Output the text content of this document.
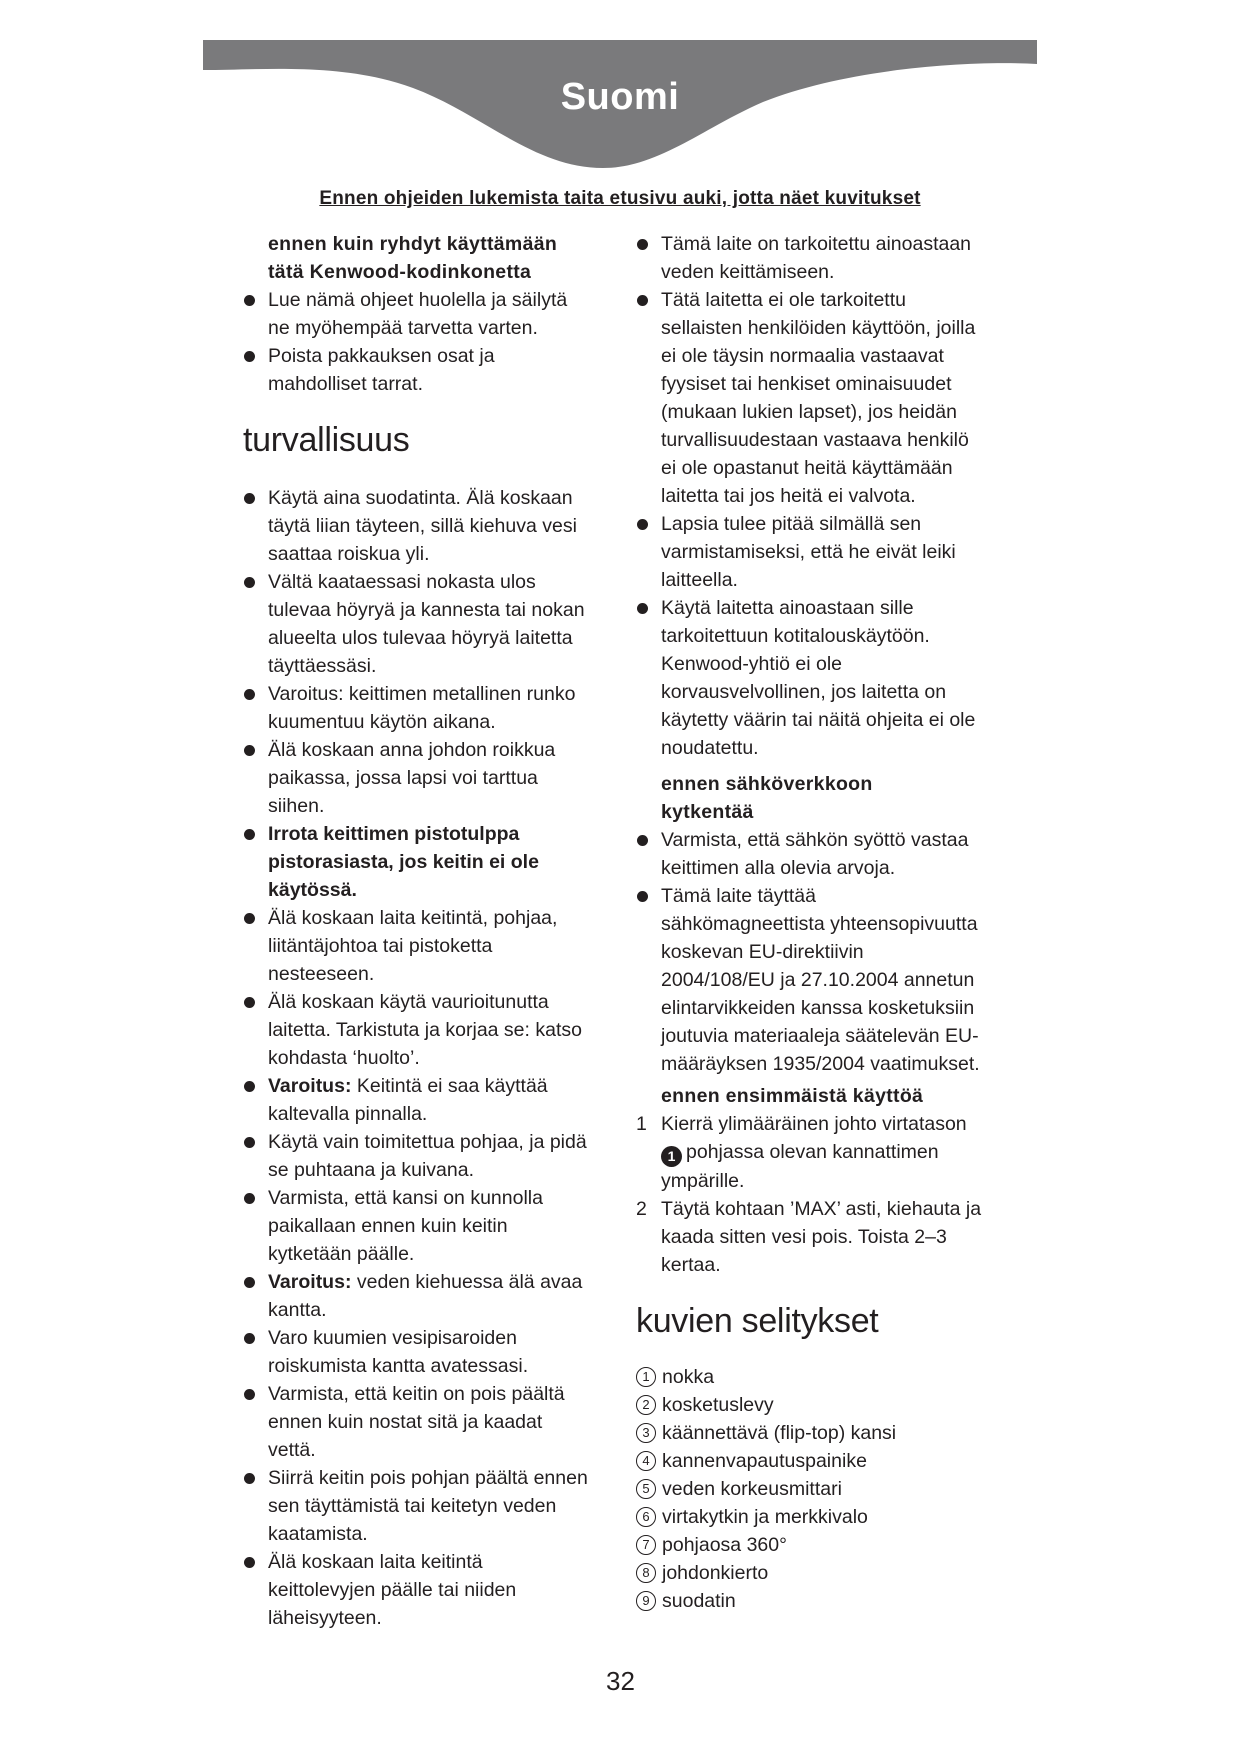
Suomi
Ennen ohjeiden lukemista taita etusivu auki, jotta näet kuvitukset
ennen kuin ryhdyt käyttämään
tätä Kenwood-kodinkonetta
Lue nämä ohjeet huolella ja säilytä
ne myöhempää tarvetta varten.
Poista pakkauksen osat ja
mahdolliset tarrat.
turvallisuus
Käytä aina suodatinta. Älä koskaan
täytä liian täyteen, sillä kiehuva vesi
saattaa roiskua yli.
Vältä kaataessasi nokasta ulos
tulevaa höyryä ja kannesta tai nokan
alueelta ulos tulevaa höyryä laitetta
täyttäessäsi.
Varoitus: keittimen metallinen runko
kuumentuu käytön aikana.
Älä koskaan anna johdon roikkua
paikassa, jossa lapsi voi tarttua
siihen.
Irrota keittimen pistotulppa
pistorasiasta, jos keitin ei ole
käytössä.
Älä koskaan laita keitintä, pohjaa,
liitäntäjohtoa tai pistoketta
nesteeseen.
Älä koskaan käytä vaurioitunutta
laitetta. Tarkistuta ja korjaa se: katso
kohdasta ‘huolto’.
Varoitus: Keitintä ei saa käyttää
kaltevalla pinnalla.
Käytä vain toimitettua pohjaa, ja pidä
se puhtaana ja kuivana.
Varmista, että kansi on kunnolla
paikallaan ennen kuin keitin
kytketään päälle.
Varoitus: veden kiehuessa älä avaa
kantta.
Varo kuumien vesipisaroiden
roiskumista kantta avatessasi.
Varmista, että keitin on pois päältä
ennen kuin nostat sitä ja kaadat
vettä.
Siirrä keitin pois pohjan päältä ennen
sen täyttämistä tai keitetyn veden
kaatamista.
Älä koskaan laita keitintä
keittolevyjen päälle tai niiden
läheisyyteen.
Tämä laite on tarkoitettu ainoastaan
veden keittämiseen.
Tätä laitetta ei ole tarkoitettu
sellaisten henkilöiden käyttöön, joilla
ei ole täysin normaalia vastaavat
fyysiset tai henkiset ominaisuudet
(mukaan lukien lapset), jos heidän
turvallisuudestaan vastaava henkilö
ei ole opastanut heitä käyttämään
laitetta tai jos heitä ei valvota.
Lapsia tulee pitää silmällä sen
varmistamiseksi, että he eivät leiki
laitteella.
Käytä laitetta ainoastaan sille
tarkoitettuun kotitalouskäytöön.
Kenwood-yhtiö ei ole
korvausvelvollinen, jos laitetta on
käytetty väärin tai näitä ohjeita ei ole
noudatettu.
ennen sähköverkkoon
kytkentää
Varmista, että sähkön syöttö vastaa
keittimen alla olevia arvoja.
Tämä laite täyttää
sähkömagneettista yhteensopivuutta
koskevan EU-direktiivin
2004/108/EU ja 27.10.2004 annetun
elintarvikkeiden kanssa kosketuksiin
joutuvia materiaaleja säätelevän EU-
määräyksen 1935/2004 vaatimukset.
ennen ensimmäistä käyttöä
1 Kierrä ylimääräinen johto virtatason
1 pohjassa olevan kannattimen
ympärille.
2 Täytä kohtaan ’MAX’ asti, kiehauta ja
kaada sitten vesi pois. Toista 2–3
kertaa.
kuvien selitykset
1 nokka
2 kosketuslevy
3 käännettävä (flip-top) kansi
4 kannenvapautuspainike
5 veden korkeusmittari
6 virtakytkin ja merkkivalo
7 pohjaosa 360°
8 johdonkierto
9 suodatin
32
